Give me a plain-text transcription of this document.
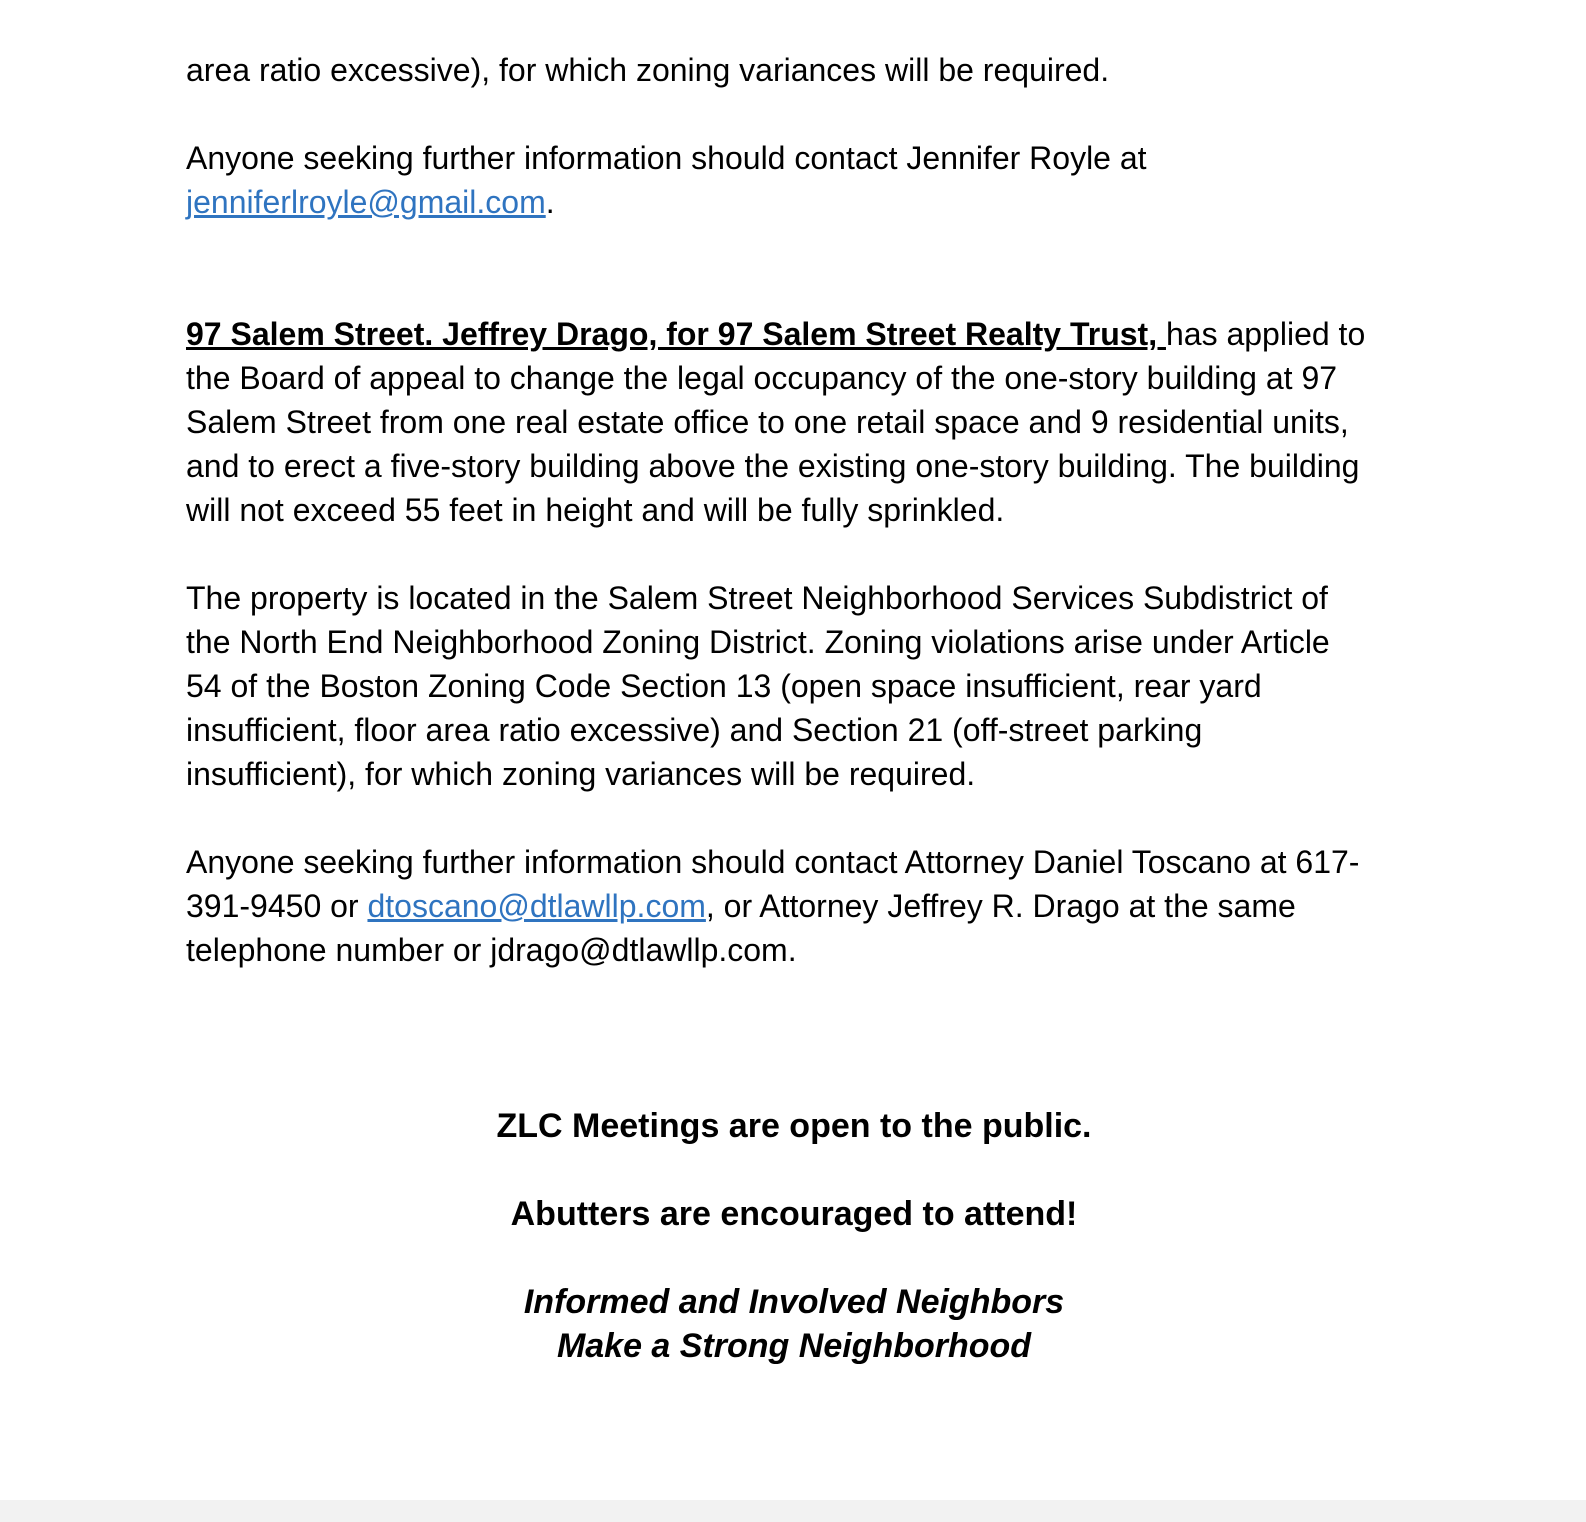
area ratio excessive), for which zoning variances will be required.

Anyone seeking further information should contact Jennifer Royle at jenniferlroyle@gmail.com.

97 Salem Street. Jeffrey Drago, for 97 Salem Street Realty Trust, has applied to the Board of appeal to change the legal occupancy of the one-story building at 97 Salem Street from one real estate office to one retail space and 9 residential units, and to erect a five-story building above the existing one-story building. The building will not exceed 55 feet in height and will be fully sprinkled.

The property is located in the Salem Street Neighborhood Services Subdistrict of the North End Neighborhood Zoning District. Zoning violations arise under Article 54 of the Boston Zoning Code Section 13 (open space insufficient, rear yard insufficient, floor area ratio excessive) and Section 21 (off-street parking insufficient), for which zoning variances will be required.

Anyone seeking further information should contact Attorney Daniel Toscano at 617-391-9450 or dtoscano@dtlawllp.com, or Attorney Jeffrey R. Drago at the same telephone number or jdrago@dtlawllp.com.

ZLC Meetings are open to the public.

Abutters are encouraged to attend!

Informed and Involved Neighbors

Make a Strong Neighborhood
